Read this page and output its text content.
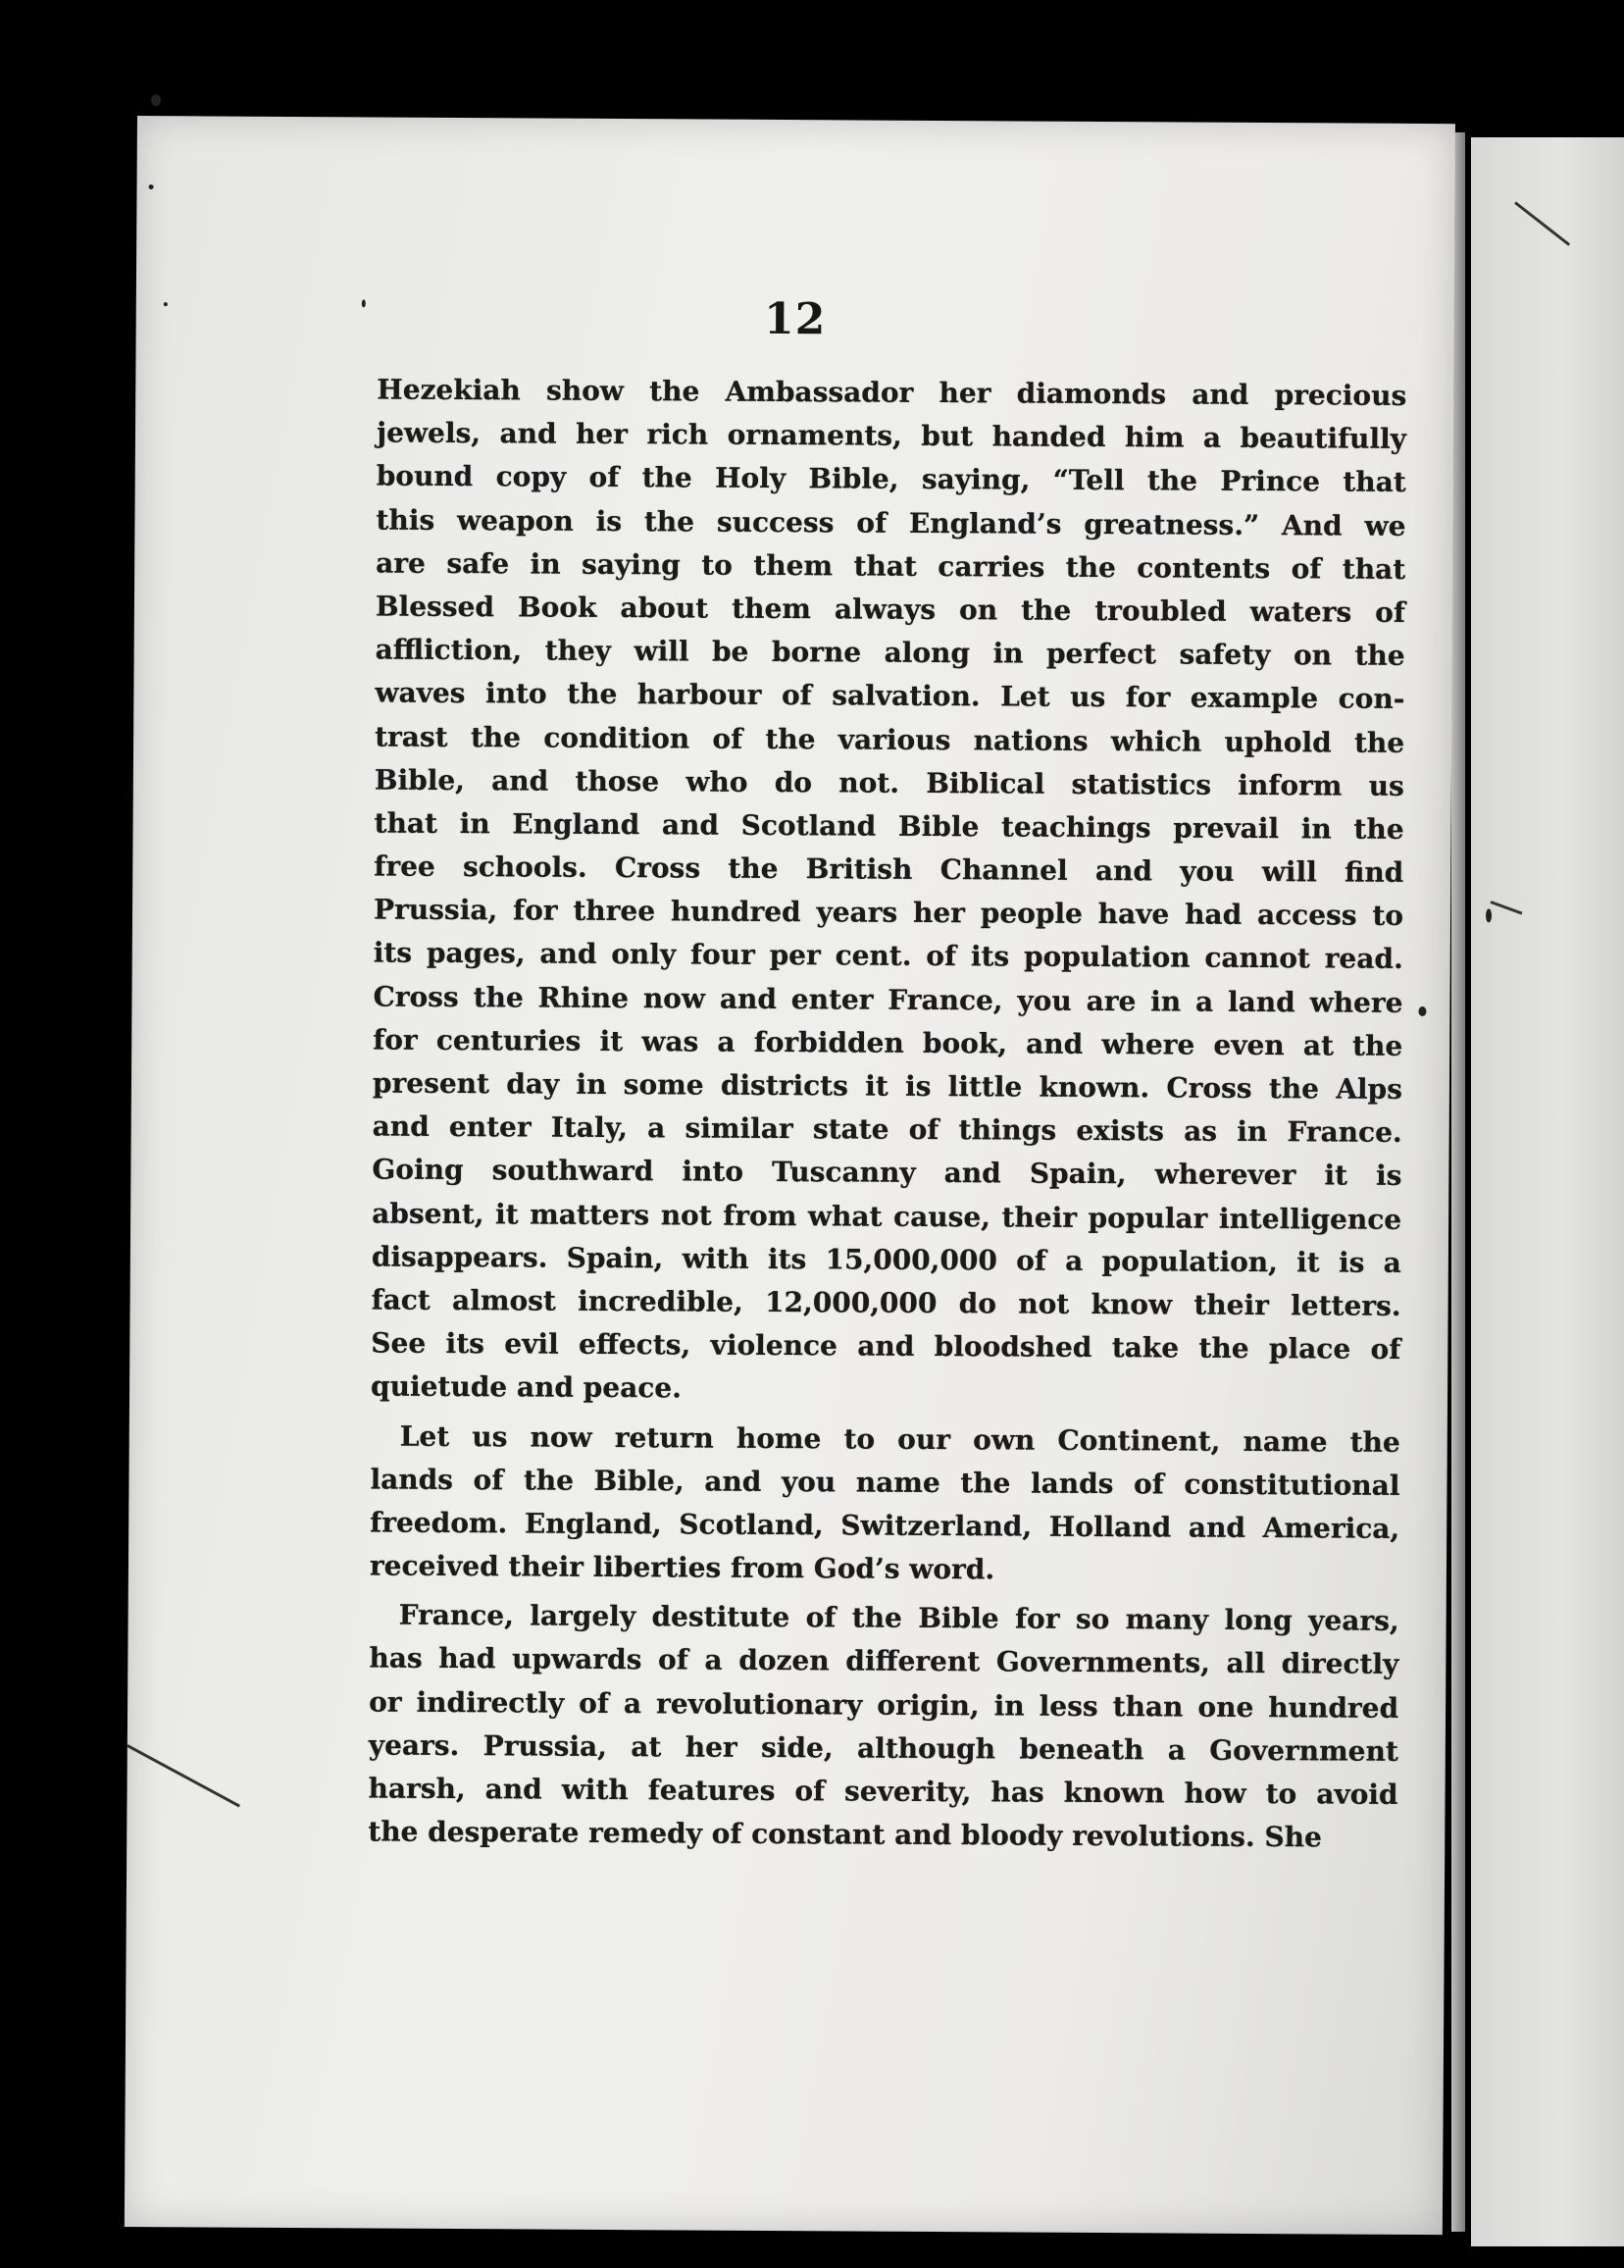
12
Hezekiah show the Ambassador her diamonds and precious
jewels, and her rich ornaments, but handed him a beautifully
bound copy of the Holy Bible, saying, “Tell the Prince that
this weapon is the success of England’s greatness.” And we
are safe in saying to them that carries the contents of that
Blessed Book about them always on the troubled waters of
affliction, they will be borne along in perfect safety on the
waves into the harbour of salvation. Let us for example con-
trast the condition of the various nations which uphold the
Bible, and those who do not. Biblical statistics inform us
that in England and Scotland Bible teachings prevail in the
free schools. Cross the British Channel and you will find
Prussia, for three hundred years her people have had access to
its pages, and only four per cent. of its population cannot read.
Cross the Rhine now and enter France, you are in a land where
for centuries it was a forbidden book, and where even at the
present day in some districts it is little known. Cross the Alps
and enter Italy, a similar state of things exists as in France.
Going southward into Tuscanny and Spain, wherever it is
absent, it matters not from what cause, their popular intelligence
disappears. Spain, with its 15,000,000 of a population, it is a
fact almost incredible, 12,000,000 do not know their letters.
See its evil effects, violence and bloodshed take the place of
quietude and peace.
Let us now return home to our own Continent, name the
lands of the Bible, and you name the lands of constitutional
freedom. England, Scotland, Switzerland, Holland and America,
received their liberties from God’s word.
France, largely destitute of the Bible for so many long years,
has had upwards of a dozen different Governments, all directly
or indirectly of a revolutionary origin, in less than one hundred
years. Prussia, at her side, although beneath a Government
harsh, and with features of severity, has known how to avoid
the desperate remedy of constant and bloody revolutions. She
